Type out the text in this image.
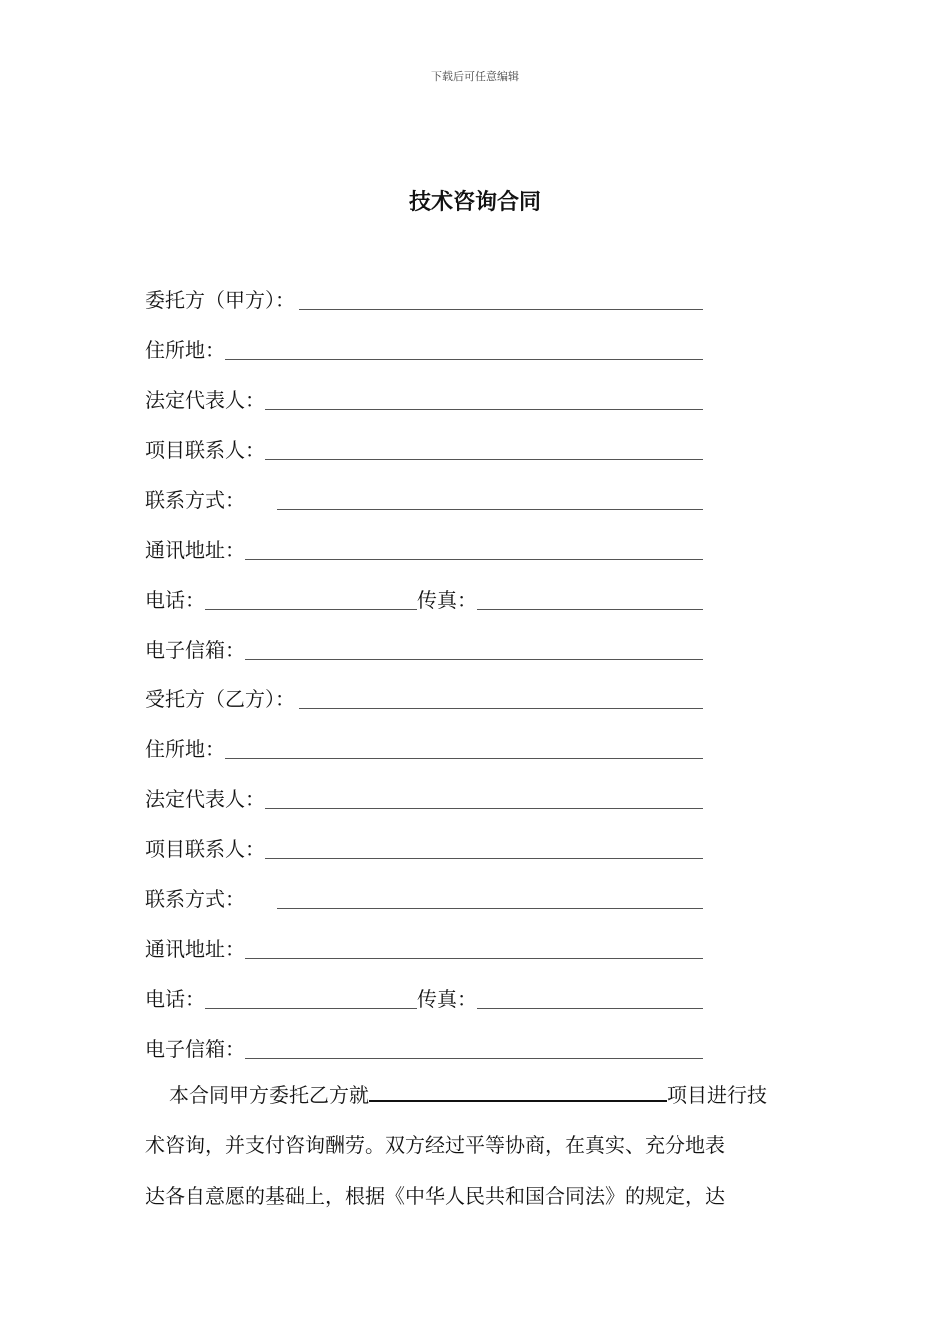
下载后可任意编辑
技术咨询合同
委托方（甲方）：
住所地：
法定代表人：
项目联系人：
联系方式：
通讯地址：
电话：	传真：
电子信箱：
受托方（乙方）：
住所地：
法定代表人：
项目联系人：
联系方式：
通讯地址：
电话：	传真：
电子信箱：
本合同甲方委托乙方就	项目进行技
术咨询，并支付咨询酬劳。双方经过平等协商，在真实、充分地表
达各自意愿的基础上，根据《中华人民共和国合同法》的规定，达
